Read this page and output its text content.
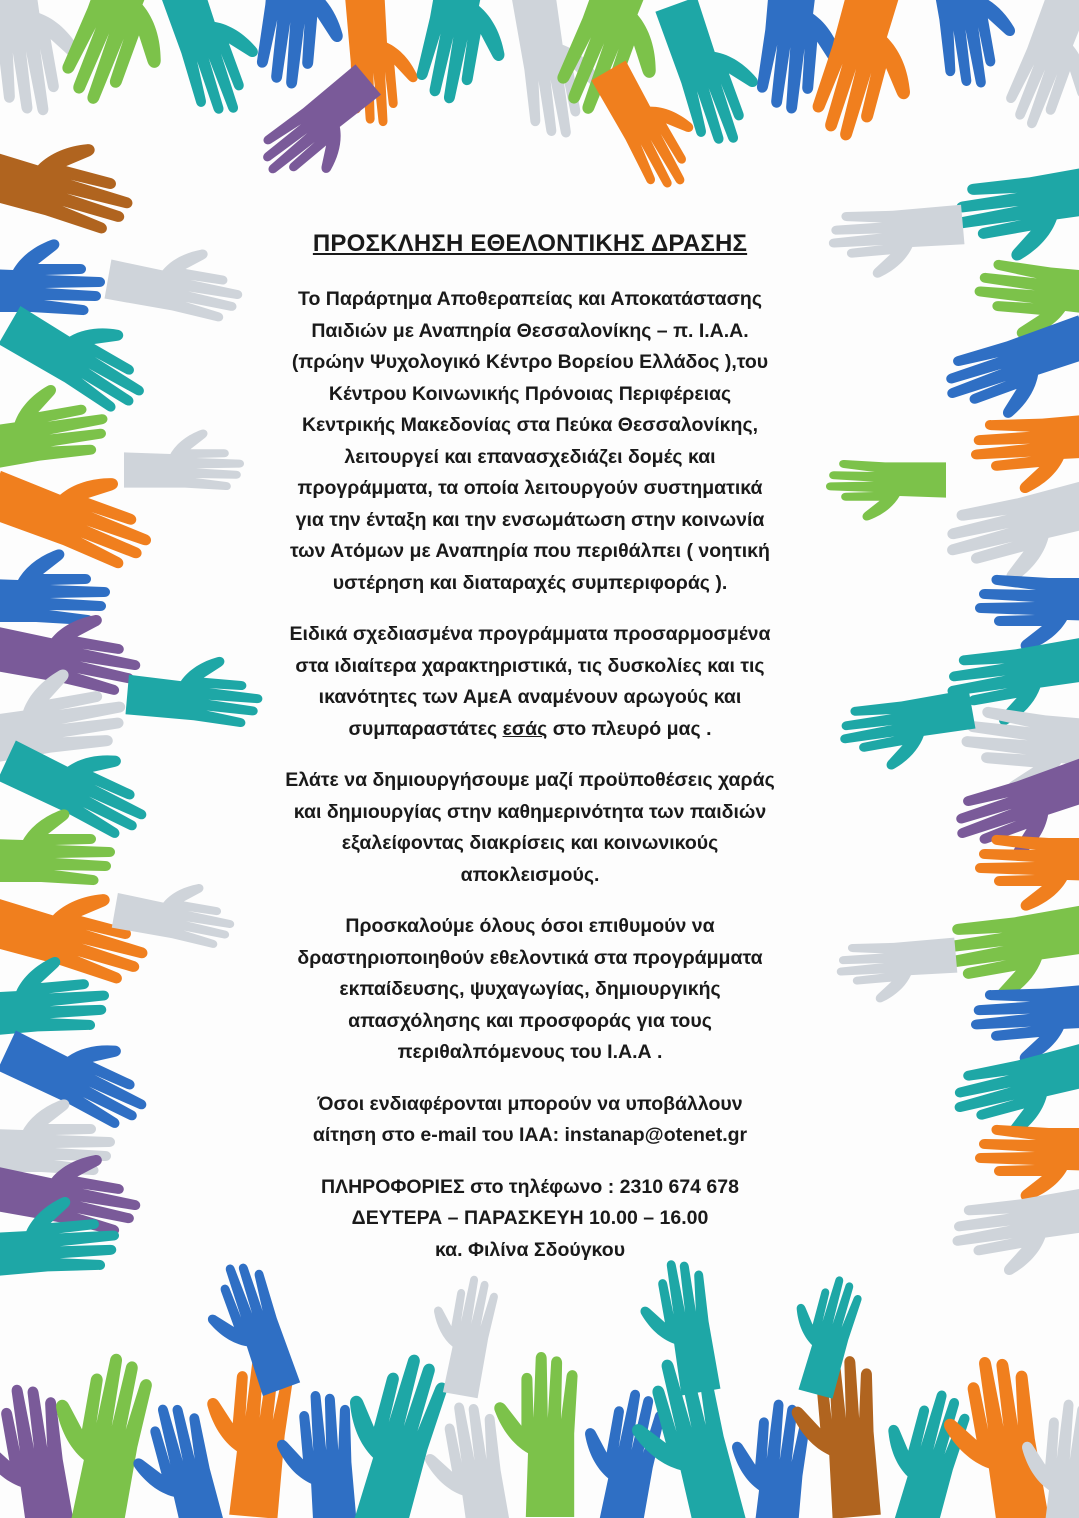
ΠΡΟΣΚΛΗΣΗ ΕΘΕΛΟΝΤΙΚΗΣ ΔΡΑΣΗΣ
Το Παράρτημα Αποθεραπείας και Αποκατάστασης
Παιδιών με Αναπηρία Θεσσαλονίκης – π. Ι.Α.Α.
(πρώην Ψυχολογικό Κέντρο Βορείου Ελλάδος ),του
Κέντρου Κοινωνικής Πρόνοιας Περιφέρειας
Κεντρικής Μακεδονίας στα Πεύκα Θεσσαλονίκης,
λειτουργεί και επανασχεδιάζει δομές και
προγράμματα, τα οποία λειτουργούν συστηματικά
για την ένταξη και την ενσωμάτωση στην κοινωνία
των Ατόμων με Αναπηρία που περιθάλπει ( νοητική
υστέρηση και διαταραχές συμπεριφοράς ).
Ειδικά σχεδιασμένα προγράμματα προσαρμοσμένα
στα ιδιαίτερα χαρακτηριστικά, τις δυσκολίες και τις
ικανότητες των ΑμεΑ αναμένουν αρωγούς και
συμπαραστάτες εσάς στο πλευρό μας .
Ελάτε να δημιουργήσουμε μαζί προϋποθέσεις χαράς
και δημιουργίας στην καθημερινότητα των παιδιών
εξαλείφοντας διακρίσεις και κοινωνικούς
αποκλεισμούς.
Προσκαλούμε όλους όσοι επιθυμούν να
δραστηριοποιηθούν εθελοντικά στα προγράμματα
εκπαίδευσης, ψυχαγωγίας, δημιουργικής
απασχόλησης και προσφοράς για τους
περιθαλπόμενους του Ι.Α.Α .
Όσοι ενδιαφέρονται μπορούν να υποβάλλουν
αίτηση στο e-mail του ΙΑΑ: instanap@otenet.gr
ΠΛΗΡΟΦΟΡΙΕΣ στο τηλέφωνο : 2310 674 678
ΔΕΥΤΕΡΑ – ΠΑΡΑΣΚΕΥΗ 10.00 – 16.00
κα. Φιλίνα Σδούγκου
